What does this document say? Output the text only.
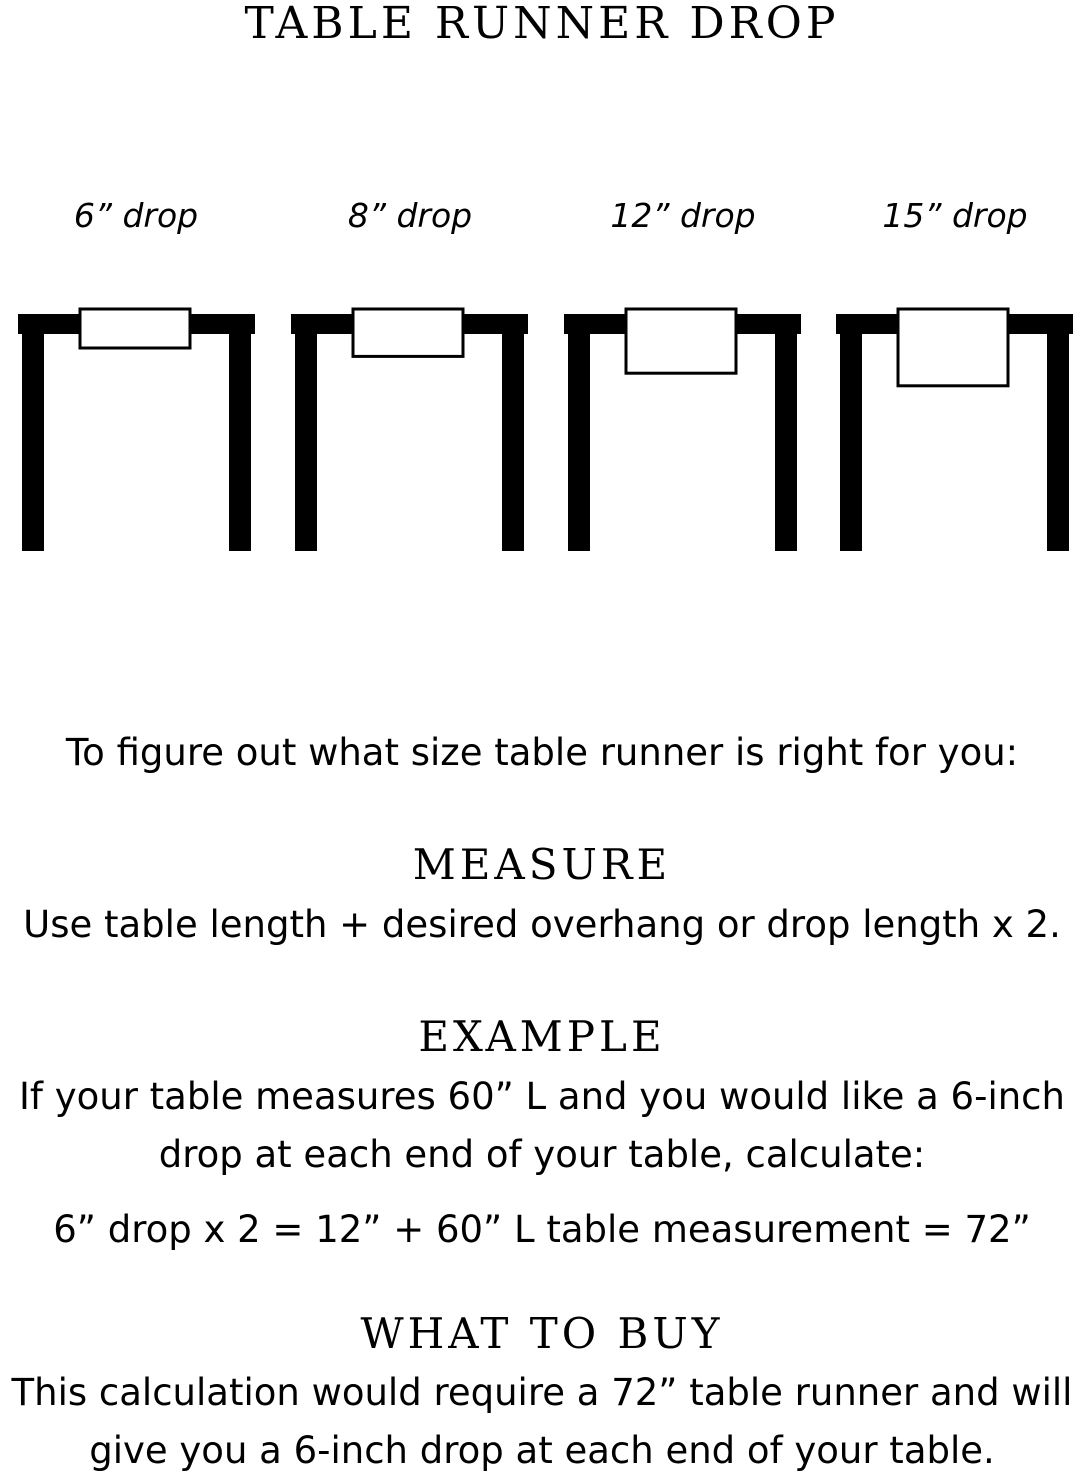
TABLE RUNNER DROP
6” drop	8” drop	12” drop	15” drop
To figure out what size table runner is right for you:
MEASURE
Use table length + desired overhang or drop length x 2.
EXAMPLE
If your table measures 60” L and you would like a 6-inch
drop at each end of your table, calculate:
6” drop x 2 = 12” + 60” L table measurement = 72”
WHAT TO BUY
This calculation would require a 72” table runner and will
give you a 6-inch drop at each end of your table.
